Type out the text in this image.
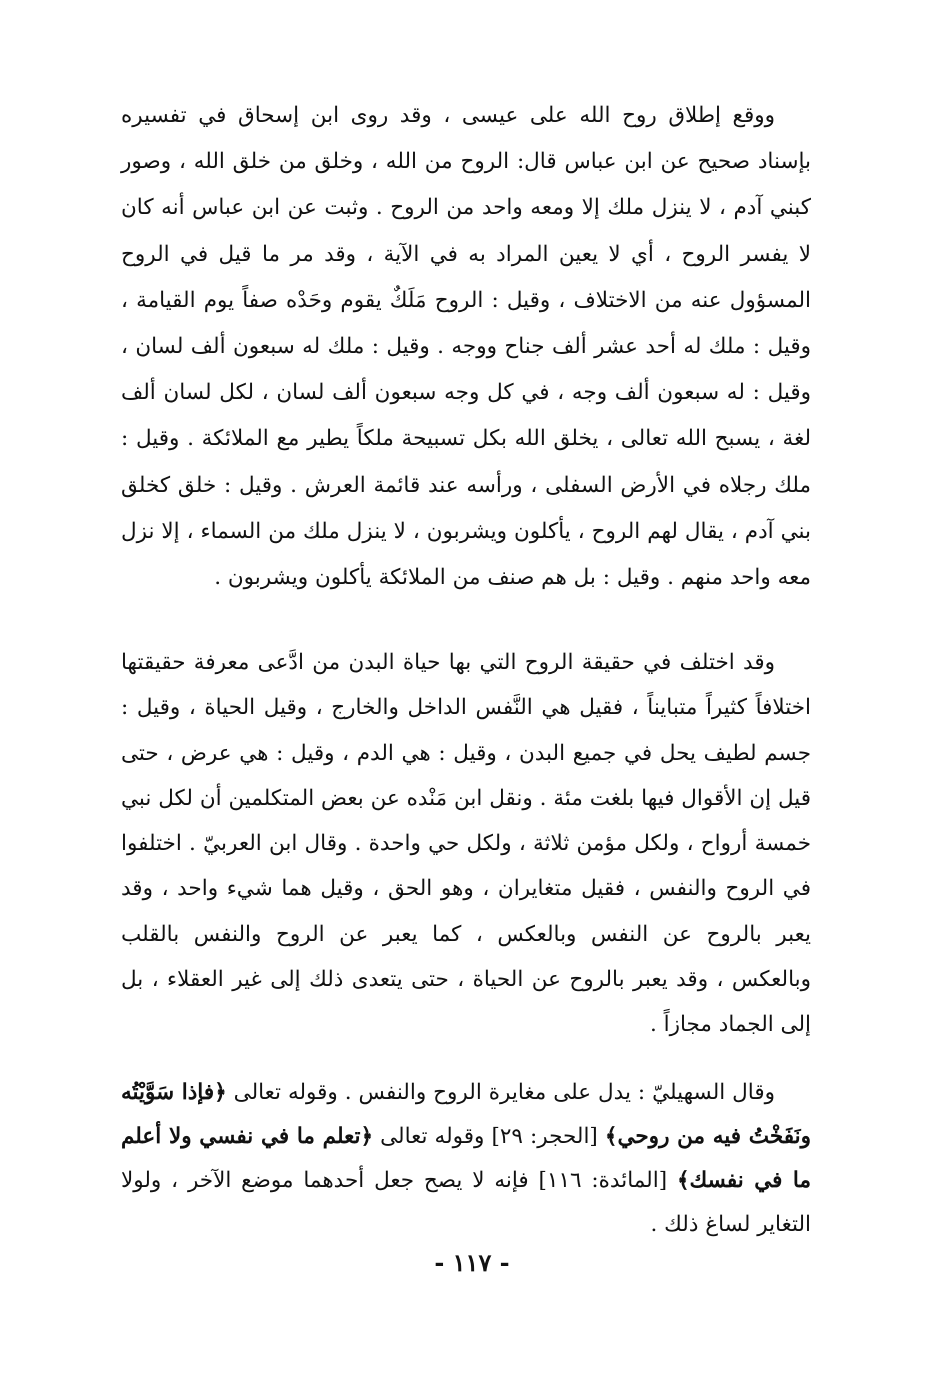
ووقع إطلاق روح الله على عيسى ، وقد روى ابن إسحاق في تفسيره بإسناد صحيح عن ابن عباس قال: الروح من الله ، وخلق من خلق الله ، وصور كبني آدم ، لا ينزل ملك إلا ومعه واحد من الروح . وثبت عن ابن عباس أنه كان لا يفسر الروح ، أي لا يعين المراد به في الآية ، وقد مر ما قيل في الروح المسؤول عنه من الاختلاف ، وقيل : الروح مَلَكٌ يقوم وحَدْه صفاً يوم القيامة ، وقيل : ملك له أحد عشر ألف جناح ووجه . وقيل : ملك له سبعون ألف لسان ، وقيل : له سبعون ألف وجه ، في كل وجه سبعون ألف لسان ، لكل لسان ألف لغة ، يسبح الله تعالى ، يخلق الله بكل تسبيحة ملكاً يطير مع الملائكة . وقيل : ملك رجلاه في الأرض السفلى ، ورأسه عند قائمة العرش . وقيل : خلق كخلق بني آدم ، يقال لهم الروح ، يأكلون ويشربون ، لا ينزل ملك من السماء ، إلا نزل معه واحد منهم . وقيل : بل هم صنف من الملائكة يأكلون ويشربون .

وقد اختلف في حقيقة الروح التي بها حياة البدن من ادَّعى معرفة حقيقتها اختلافاً كثيراً متبايناً ، فقيل هي النَّفس الداخل والخارج ، وقيل الحياة ، وقيل : جسم لطيف يحل في جميع البدن ، وقيل : هي الدم ، وقيل : هي عرض ، حتى قيل إن الأقوال فيها بلغت مئة . ونقل ابن مَنْده عن بعض المتكلمين أن لكل نبي خمسة أرواح ، ولكل مؤمن ثلاثة ، ولكل حي واحدة . وقال ابن العربيّ . اختلفوا في الروح والنفس ، فقيل متغايران ، وهو الحق ، وقيل هما شيء واحد ، وقد يعبر بالروح عن النفس وبالعكس ، كما يعبر عن الروح والنفس بالقلب وبالعكس ، وقد يعبر بالروح عن الحياة ، حتى يتعدى ذلك إلى غير العقلاء ، بل إلى الجماد مجازاً .

وقال السهيليّ : يدل على مغايرة الروح والنفس . وقوله تعالى ﴿فإذا سَوَّيْتُه ونَفَخْتُ فيه من روحي﴾ [الحجر: ٢٩] وقوله تعالى ﴿تعلم ما في نفسي ولا أعلم ما في نفسك﴾ [المائدة: ١١٦] فإنه لا يصح جعل أحدهما موضع الآخر ، ولولا التغاير لساغ ذلك .

- ١١٧ -
